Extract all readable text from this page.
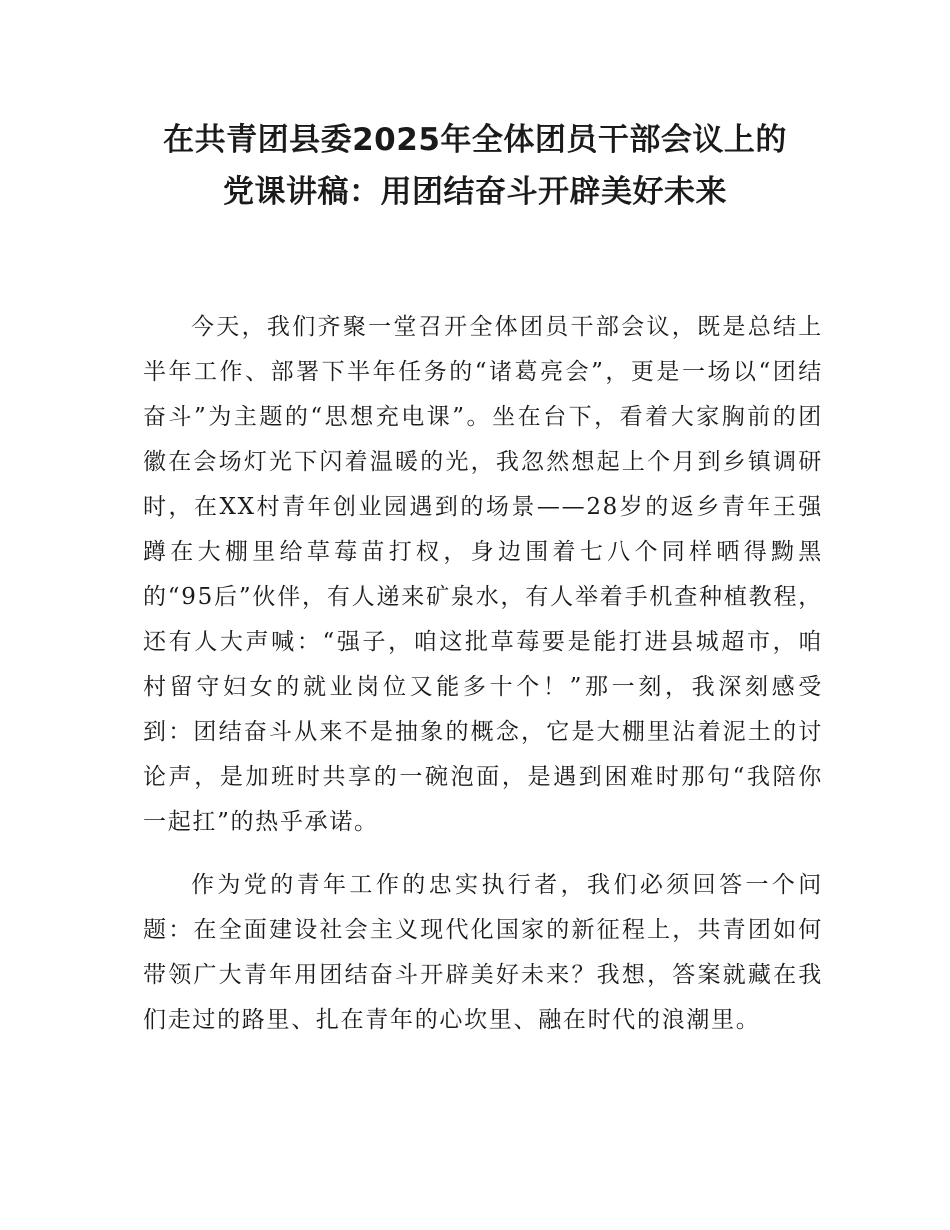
在共青团县委2025年全体团员干部会议上的
党课讲稿：用团结奋斗开辟美好未来

今天，我们齐聚一堂召开全体团员干部会议，既是总结上半年工作、部署下半年任务的“诸葛亮会”，更是一场以“团结奋斗”为主题的“思想充电课”。坐在台下，看着大家胸前的团徽在会场灯光下闪着温暖的光，我忽然想起上个月到乡镇调研时，在XX村青年创业园遇到的场景——28岁的返乡青年王强蹲在大棚里给草莓苗打杈，身边围着七八个同样晒得黝黑的“95后”伙伴，有人递来矿泉水，有人举着手机查种植教程，还有人大声喊：“强子，咱这批草莓要是能打进县城超市，咱村留守妇女的就业岗位又能多十个！”那一刻，我深刻感受到：团结奋斗从来不是抽象的概念，它是大棚里沾着泥土的讨论声，是加班时共享的一碗泡面，是遇到困难时那句“我陪你一起扛”的热乎承诺。

作为党的青年工作的忠实执行者，我们必须回答一个问题：在全面建设社会主义现代化国家的新征程上，共青团如何带领广大青年用团结奋斗开辟美好未来？我想，答案就藏在我们走过的路里、扎在青年的心坎里、融在时代的浪潮里。
